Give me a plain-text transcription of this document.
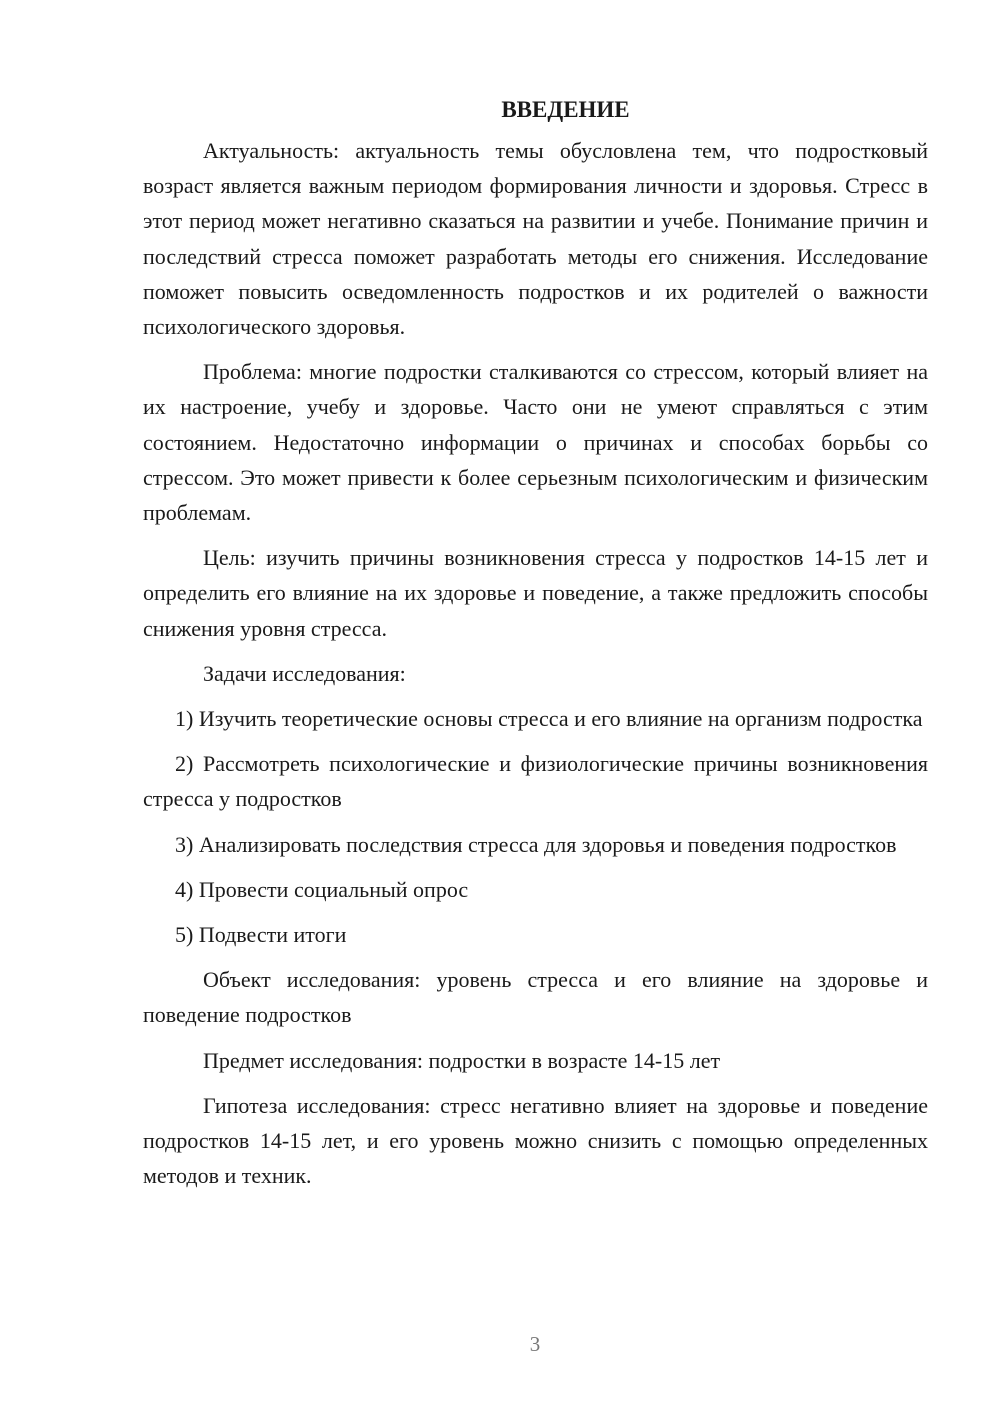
ВВЕДЕНИЕ

Актуальность: актуальность темы обусловлена тем, что подростковый возраст является важным периодом формирования личности и здоровья. Стресс в этот период может негативно сказаться на развитии и учебе. Понимание причин и последствий стресса поможет разработать методы его снижения. Исследование поможет повысить осведомленность подростков и их родителей о важности психологического здоровья.

Проблема: многие подростки сталкиваются со стрессом, который влияет на их настроение, учебу и здоровье. Часто они не умеют справляться с этим состоянием. Недостаточно информации о причинах и способах борьбы со стрессом. Это может привести к более серьезным психологическим и физическим проблемам.

Цель: изучить причины возникновения стресса у подростков 14-15 лет и определить его влияние на их здоровье и поведение, а также предложить способы снижения уровня стресса.

Задачи исследования:

1) Изучить теоретические основы стресса и его влияние на организм подростка

2) Рассмотреть психологические и физиологические причины возникновения стресса у подростков

3) Анализировать последствия стресса для здоровья и поведения подростков

4) Провести социальный опрос

5) Подвести итоги

Объект исследования: уровень стресса и его влияние на здоровье и поведение подростков

Предмет исследования: подростки в возрасте 14-15 лет

Гипотеза исследования: стресс негативно влияет на здоровье и поведение подростков 14-15 лет, и его уровень можно снизить с помощью определенных методов и техник.

3
